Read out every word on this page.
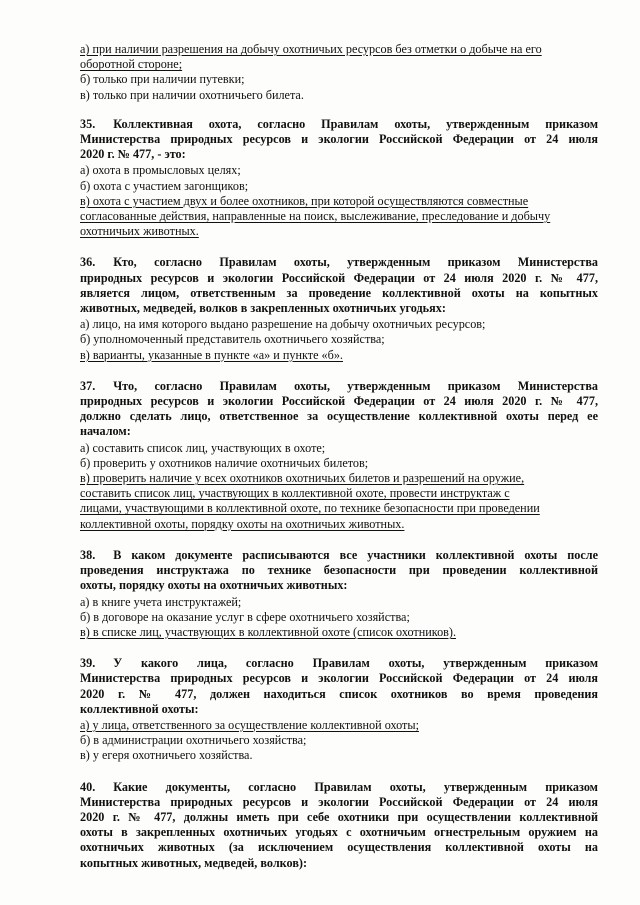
а) при наличии разрешения на добычу охотничьих ресурсов без отметки о добыче на его
оборотной стороне;
б) только при наличии путевки;
в) только при наличии охотничьего билета.
35. Коллективная охота, согласно Правилам охоты, утвержденным приказом
Министерства природных ресурсов и экологии Российской Федерации от 24 июля
2020 г. № 477, - это:
а) охота в промысловых целях;
б) охота с участием загонщиков;
в) охота с участием двух и более охотников, при которой осуществляются совместные
согласованные действия, направленные на поиск, выслеживание, преследование и добычу
охотничьих животных.
36. Кто, согласно Правилам охоты, утвержденным приказом Министерства
природных ресурсов и экологии Российской Федерации от 24 июля 2020 г. № 477,
является лицом, ответственным за проведение коллективной охоты на копытных
животных, медведей, волков в закрепленных охотничьих угодьях:
а) лицо, на имя которого выдано разрешение на добычу охотничьих ресурсов;
б) уполномоченный представитель охотничьего хозяйства;
в) варианты, указанные в пункте «а» и пункте «б».
37. Что, согласно Правилам охоты, утвержденным приказом Министерства
природных ресурсов и экологии Российской Федерации от 24 июля 2020 г. № 477,
должно сделать лицо, ответственное за осуществление коллективной охоты перед ее
началом:
а) составить список лиц, участвующих в охоте;
б) проверить у охотников наличие охотничьих билетов;
в) проверить наличие у всех охотников охотничьих билетов и разрешений на оружие,
составить список лиц, участвующих в коллективной охоте, провести инструктаж с
лицами, участвующими в коллективной охоте, по технике безопасности при проведении
коллективной охоты, порядку охоты на охотничьих животных.
38. В каком документе расписываются все участники коллективной охоты после
проведения инструктажа по технике безопасности при проведении коллективной
охоты, порядку охоты на охотничьих животных:
а) в книге учета инструктажей;
б) в договоре на оказание услуг в сфере охотничьего хозяйства;
в) в списке лиц, участвующих в коллективной охоте (список охотников).
39. У какого лица, согласно Правилам охоты, утвержденным приказом
Министерства природных ресурсов и экологии Российской Федерации от 24 июля
2020 г. № 477, должен находиться список охотников во время проведения
коллективной охоты:
а) у лица, ответственного за осуществление коллективной охоты;
б) в администрации охотничьего хозяйства;
в) у егеря охотничьего хозяйства.
40. Какие документы, согласно Правилам охоты, утвержденным приказом
Министерства природных ресурсов и экологии Российской Федерации от 24 июля
2020 г. № 477, должны иметь при себе охотники при осуществлении коллективной
охоты в закрепленных охотничьих угодьях с охотничьим огнестрельным оружием на
охотничьих животных (за исключением осуществления коллективной охоты на
копытных животных, медведей, волков):
